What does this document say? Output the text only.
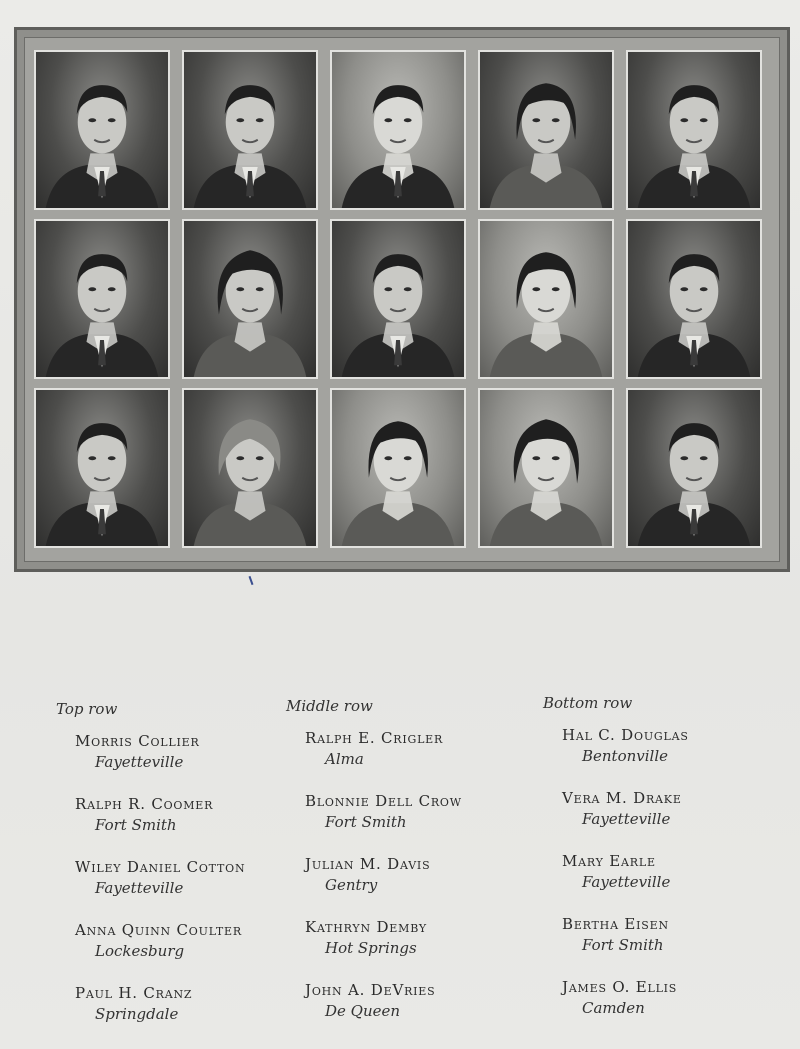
Top row
Morris Collier
Fayetteville
Ralph R. Coomer
Fort Smith
Wiley Daniel Cotton
Fayetteville
Anna Quinn Coulter
Lockesburg
Paul H. Cranz
Springdale
Middle row
Ralph E. Crigler
Alma
Blonnie Dell Crow
Fort Smith
Julian M. Davis
Gentry
Kathryn Demby
Hot Springs
John A. DeVries
De Queen
Bottom row
Hal C. Douglas
Bentonville
Vera M. Drake
Fayetteville
Mary Earle
Fayetteville
Bertha Eisen
Fort Smith
James O. Ellis
Camden
